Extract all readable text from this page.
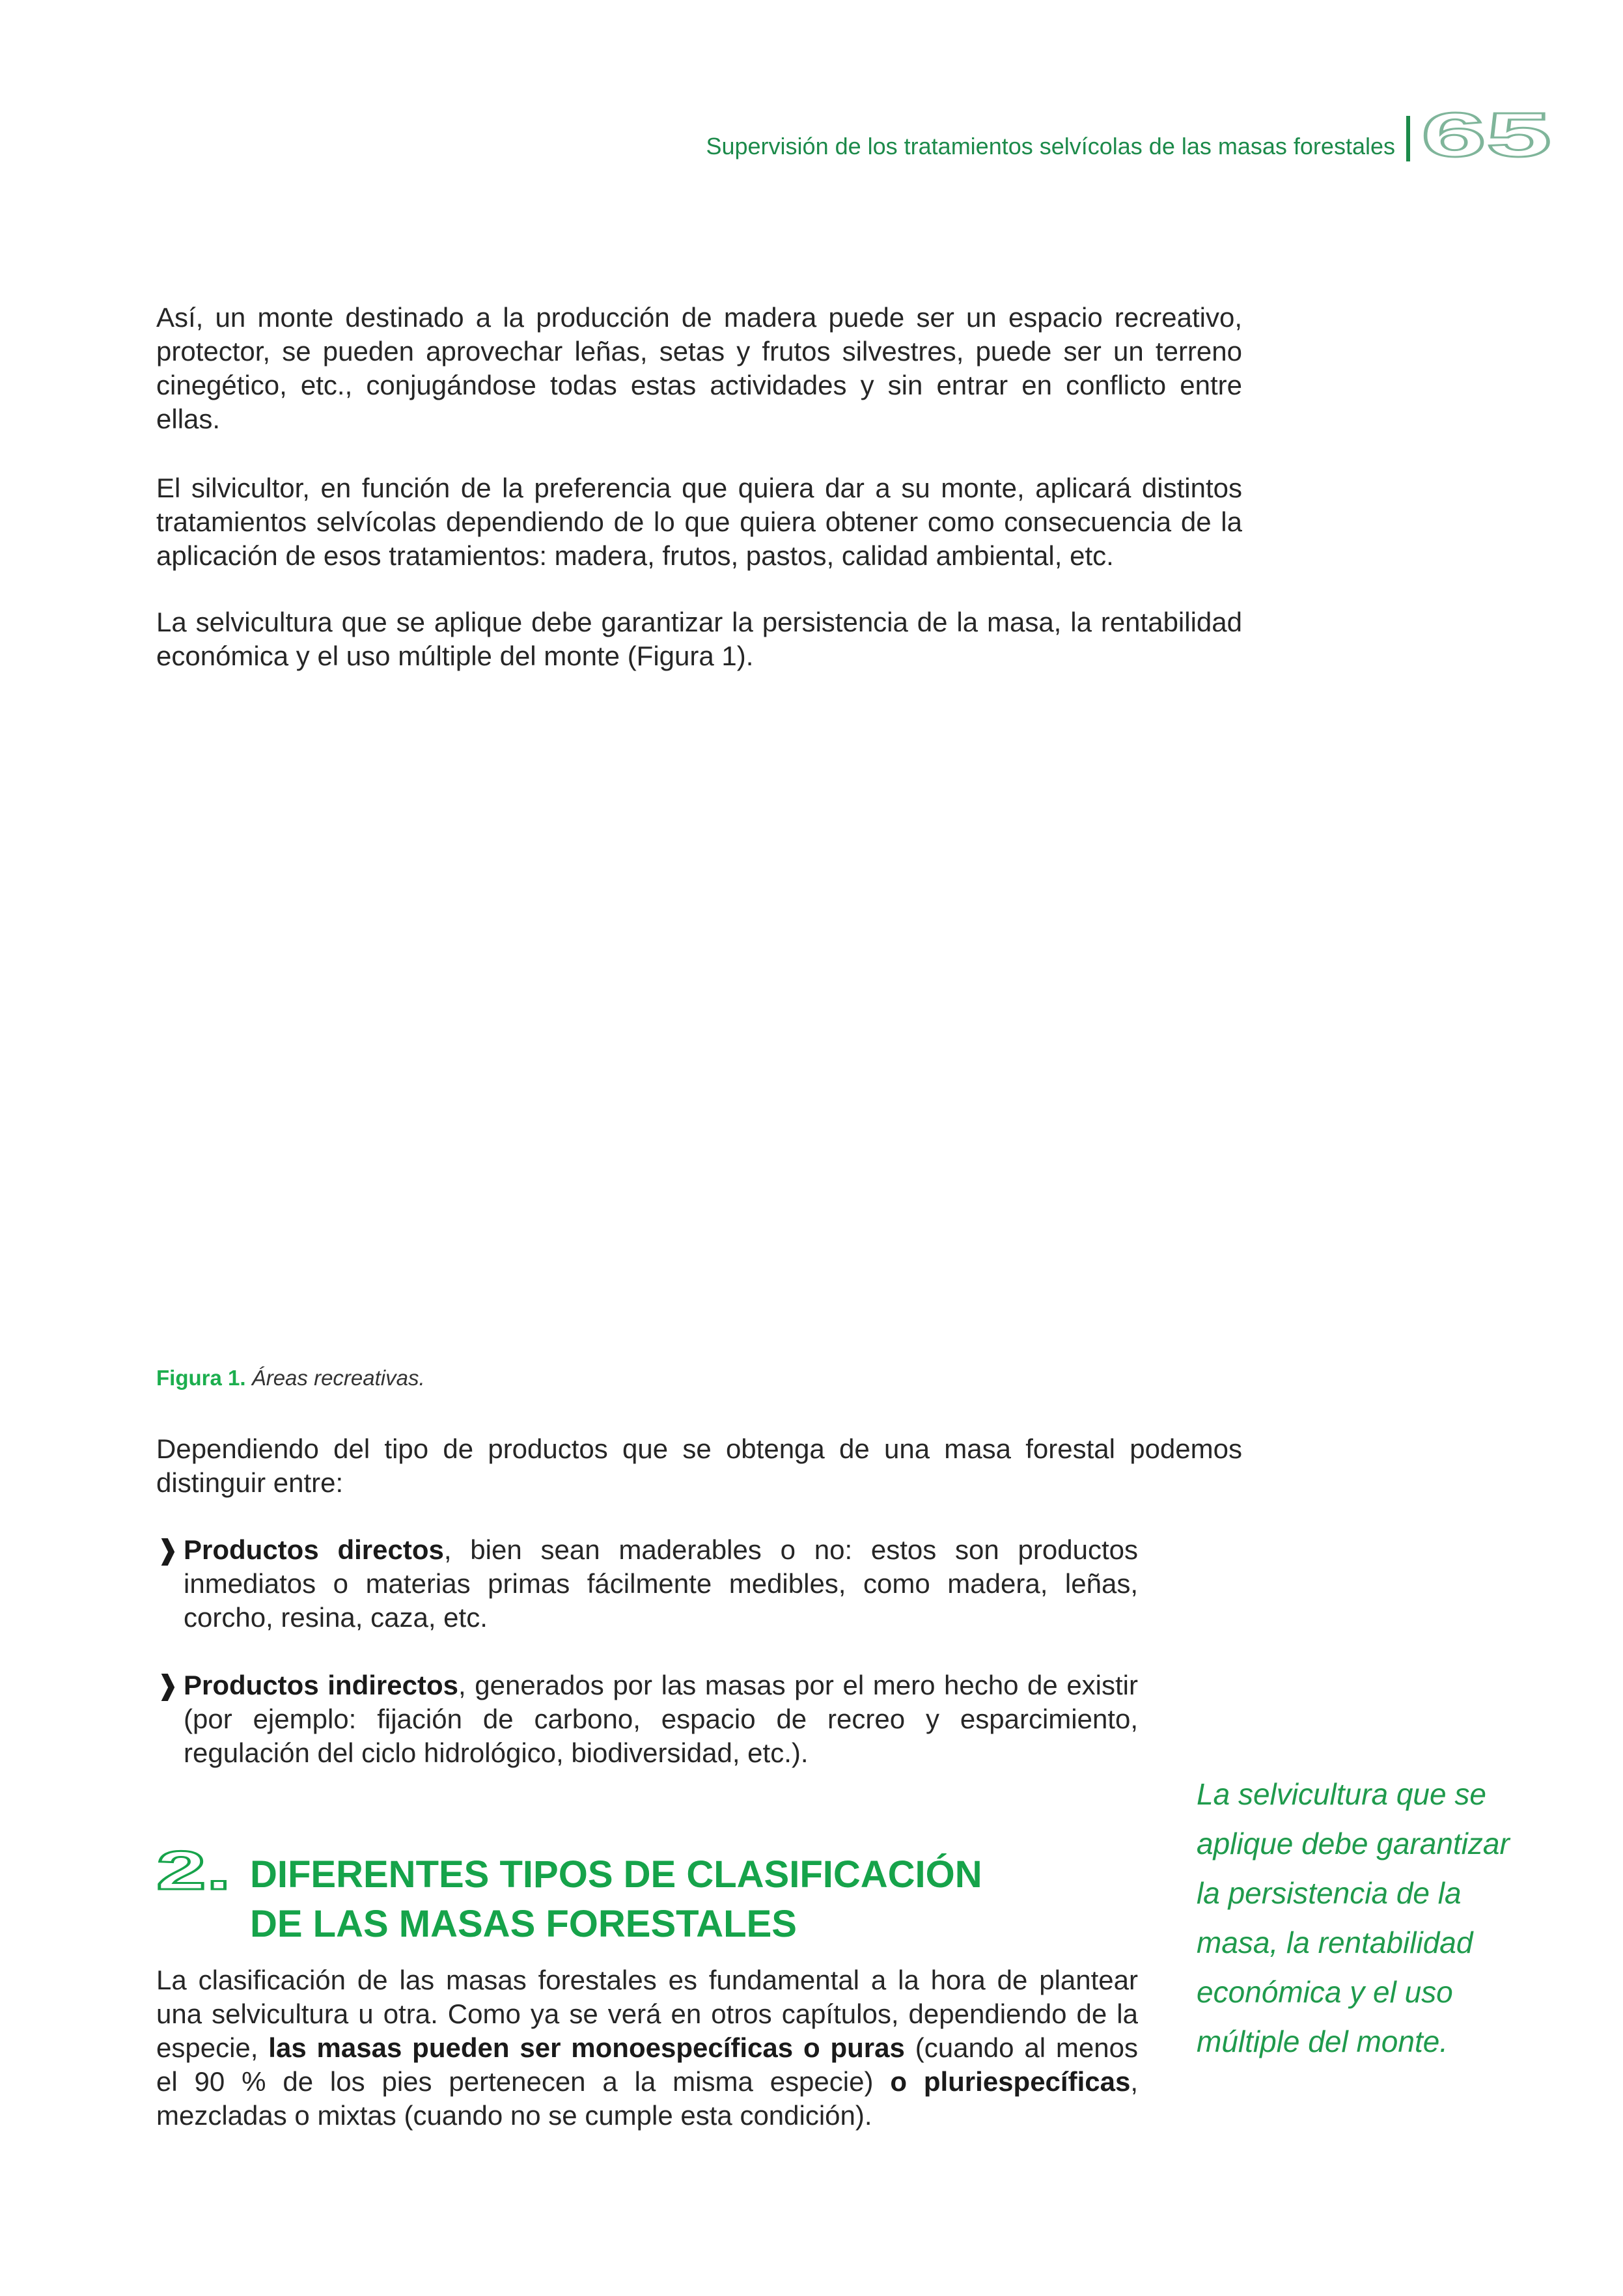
Supervisión de los tratamientos selvícolas de las masas forestales 65

Así, un monte destinado a la producción de madera puede ser un espacio recreativo, protector, se pueden aprovechar leñas, setas y frutos silvestres, puede ser un terreno cinegético, etc., conjugándose todas estas actividades y sin entrar en conflicto entre ellas.

El silvicultor, en función de la preferencia que quiera dar a su monte, aplicará distintos tratamientos selvícolas dependiendo de lo que quiera obtener como consecuencia de la aplicación de esos tratamientos: madera, frutos, pastos, calidad ambiental, etc.

La selvicultura que se aplique debe garantizar la persistencia de la masa, la rentabilidad económica y el uso múltiple del monte (Figura 1).

Figura 1. Áreas recreativas.

Dependiendo del tipo de productos que se obtenga de una masa forestal podemos distinguir entre:

❱ Productos directos, bien sean maderables o no: estos son productos inmediatos o materias primas fácilmente medibles, como madera, leñas, corcho, resina, caza, etc.
❱ Productos indirectos, generados por las masas por el mero hecho de existir (por ejemplo: fijación de carbono, espacio de recreo y esparcimiento, regulación del ciclo hidrológico, biodiversidad, etc.).
2. DIFERENTES TIPOS DE CLASIFICACIÓN
DE LAS MASAS FORESTALES
La clasificación de las masas forestales es fundamental a la hora de plantear una selvicultura u otra. Como ya se verá en otros capítulos, dependiendo de la especie, las masas pueden ser monoespecíficas o puras (cuando al menos el 90 % de los pies pertenecen a la misma especie) o pluriespecíficas, mezcladas o mixtas (cuando no se cumple esta condición).
La selvicultura que se aplique debe garantizar la persistencia de la masa, la rentabilidad económica y el uso múltiple del monte.
